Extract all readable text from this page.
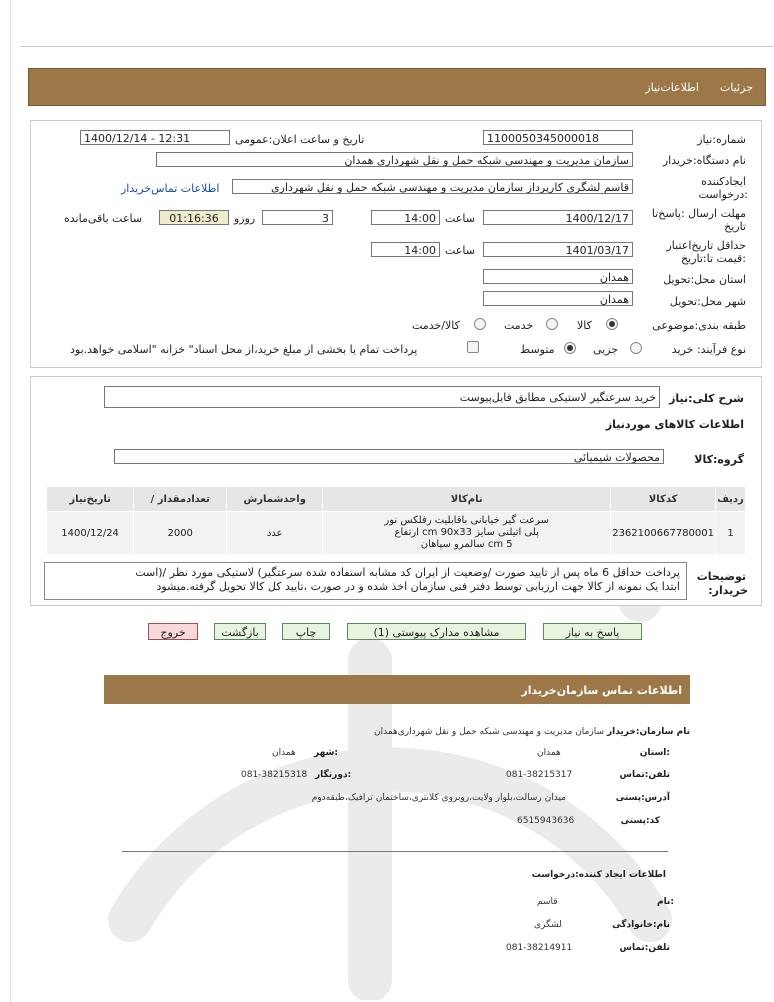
جزئیات
اطلاعات‌نیاز
شماره:نیاز
1100050345000018
تاریخ و ساعت اعلان:عمومی
1400/12/14 - 12:31
نام دستگاه:خریدار
سازمان مدیریت و مهندسی شبکه حمل و نقل شهرداری همدان
ایجادکننده
درخواست:
قاسم لشگری کارپرداز سازمان مدیریت و مهندسی شبکه حمل و نقل شهرداری
اطلاعات تماس‌خریدار
مهلت ارسال :پاسخ‌تا
تاریخ
1400/12/17
ساعت
14:00
3
روزو
01:16:36
ساعت باقی‌مانده
حداقل تاریخ‌اعتبار
قیمت تا:تاریخ:
1401/03/17
ساعت
14:00
استان محل:تحویل
همدان
شهر محل:تحویل
همدان
طبقه بندی:موضوعی
کالا
خدمت
کالا/خدمت
نوع فرآیند: خرید
جزیی
متوسط
پرداخت تمام یا بخشی از مبلغ خرید،از محل اسناد" خزانه "اسلامی خواهد.بود
شرح کلی:نیاز
خرید سرعتگیر لاستیکی مطابق فایل‌پیوست
اطلاعات کالاهای موردنیاز
گروه:کالا
محصولات شیمیائی
ردیف	کدکالا	نام‌کالا	واحدشمارش	تعدادمقدار /	تاریخ‌نیاز
1	2362100667780001	سرعت گیر خیابانی باقابلیت رفلکس نور
پلی اتیلنی سایز cm 90x33 ارتفاع
5 cm سالمرو سپاهان	عدد	2000	1400/12/24
توضیحات
:خریدار
پرداخت حداقل 6 ماه پس از تایید صورت /وضعیت از ایران کد مشابه استفاده شده سرعتگیر) لاستیکی مورد نظر /(است
ابتدا یک نمونه از کالا جهت ارزیابی توسط دفتر فنی سازمان اخذ شده و در صورت ،تایید کل کالا تحویل گرفته.میشود
پاسخ به نیاز
مشاهده مدارک پیوستی (1)
چاپ
بازگشت
خروج
اطلاعات تماس سازمان‌خریدار
نام سازمان:خریدار
سازمان مدیریت و مهندسی شبکه حمل و نقل شهرداری‌همدان
استان:
همدان
شهر:
همدان
تلفن:تماس
081-38215317
دورنگار:
081-38215318
آدرس:پستی
میدان رسالت،بلوار ولایت،روبروی کلانتری،ساختمان ترافیک،طبقه‌دوم
کد:پستی
6515943636
اطلاعات ایجاد کننده:درخواست
نام:
قاسم
نام:خانوادگی
لشگری
تلفن:تماس
081-38214911
